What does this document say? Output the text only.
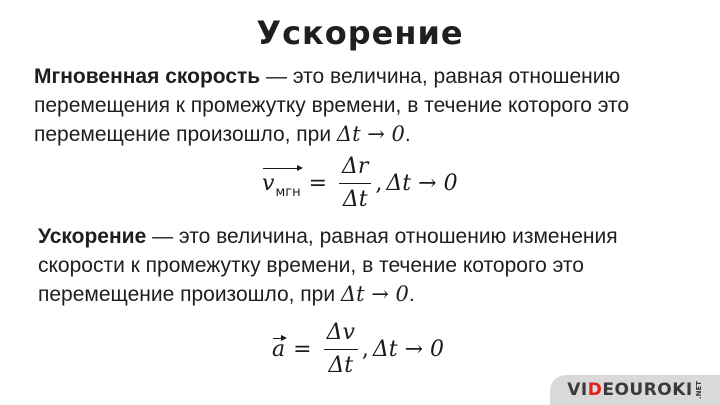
Ускорение
Мгновенная скорость — это величина, равная отношению перемещения к промежутку времени, в течение которого это перемещение произошло, при Δt → 0.
$v_{мгн} = \frac{\Delta r}{\Delta t}$ , Δt → 0
Ускорение — это величина, равная отношению изменения скорости к промежутку времени, в течение которого это перемещение произошло, при Δt → 0.
$a = \frac{\Delta v}{\Delta t}$ , Δt → 0
VIDEOUROKI .NET
